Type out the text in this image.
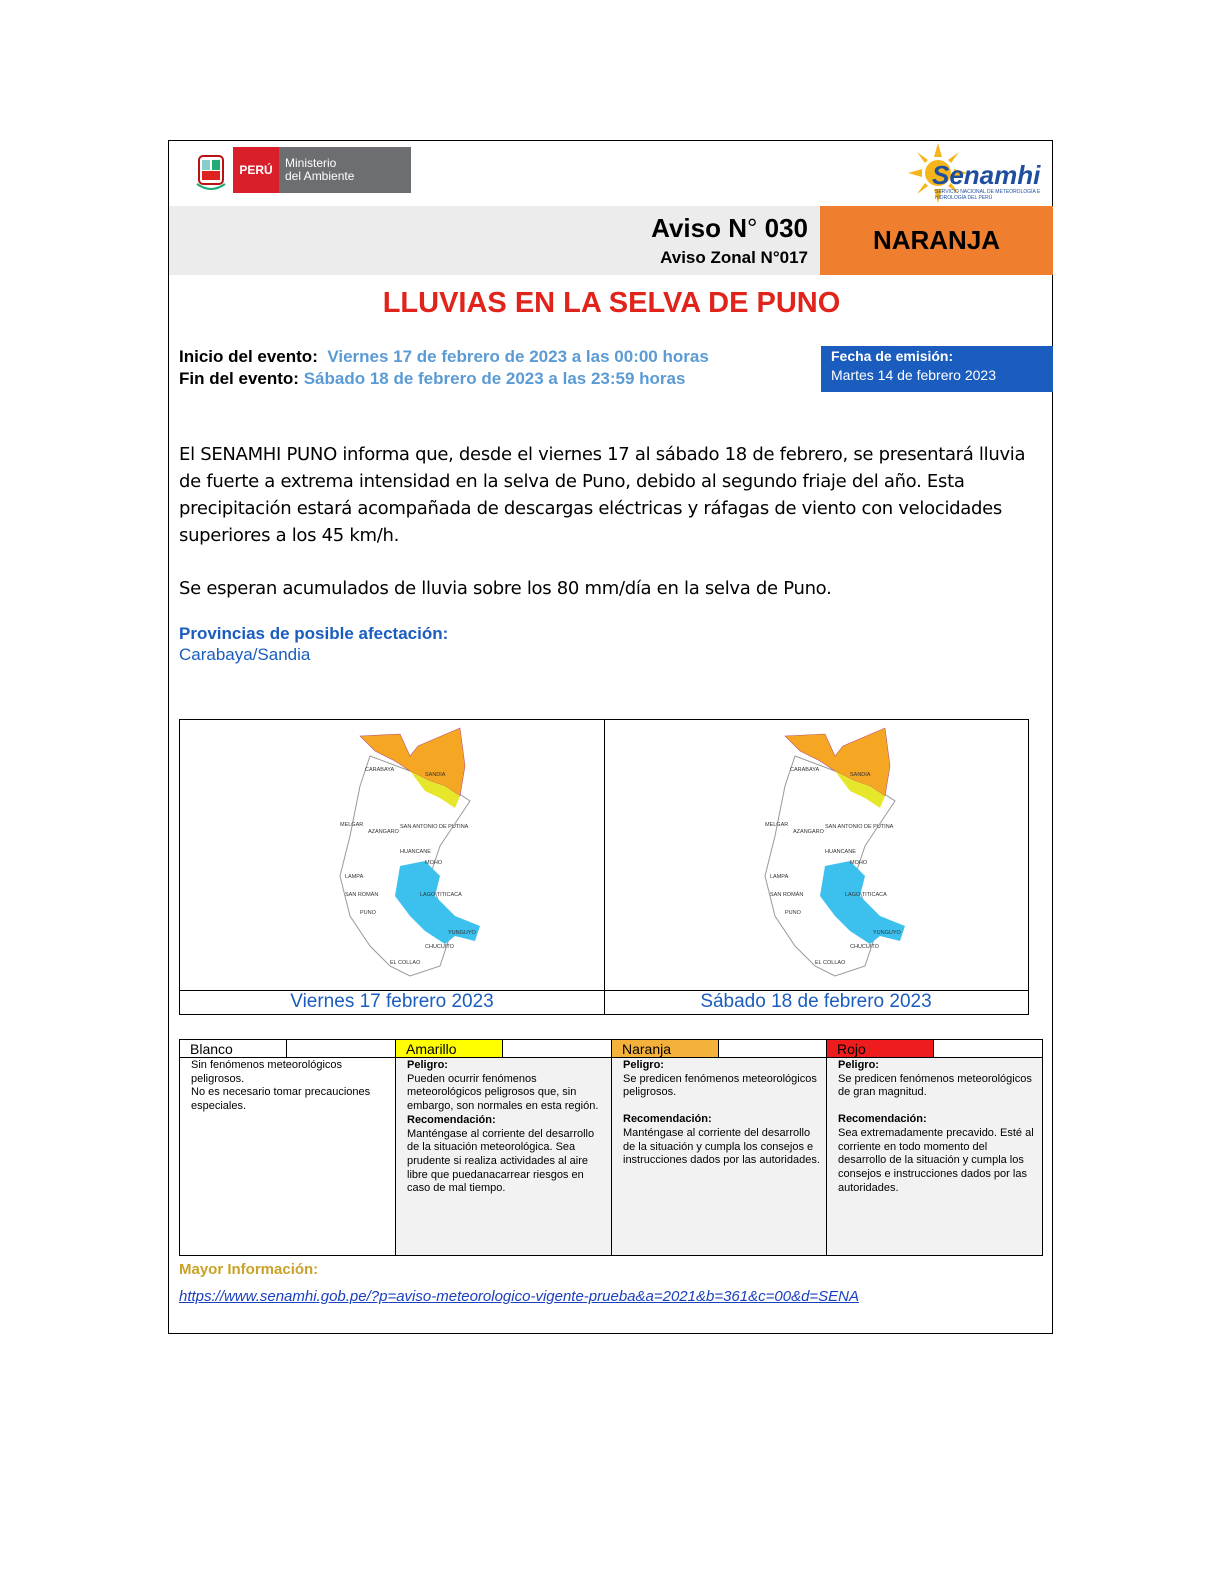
PERÚ	Ministerio
del Ambiente	Senamhi
SERVICIO NACIONAL DE METEOROLOGÍA E HIDROLOGÍA DEL PERÚ
Aviso N° 030
Aviso Zonal N°017
NARANJA
LLUVIAS EN LA SELVA DE PUNO
Inicio del evento: Viernes 17 de febrero de 2023 a las 00:00 horas
Fin del evento: Sábado 18 de febrero de 2023 a las 23:59 horas
Fecha de emisión:
Martes 14 de febrero 2023
El SENAMHI PUNO informa que, desde el viernes 17 al sábado 18 de febrero, se presentará lluvia de fuerte a extrema intensidad en la selva de Puno, debido al segundo friaje del año. Esta precipitación estará acompañada de descargas eléctricas y ráfagas de viento con velocidades superiores a los 45 km/h.
Se esperan acumulados de lluvia sobre los 80 mm/día en la selva de Puno.
Provincias de posible afectación:
Carabaya/Sandia
CARABAYA
SANDIA
MELGAR
AZANGARO
SAN ANTONIO DE PUTINA
HUANCANE
MOHO
LAMPA
SAN ROMÁN	LAGO TITICACA
PUNO
YUNGUYO
CHUCUITO
EL COLLAO
CARABAYA
SANDIA
MELGAR
AZANGARO
SAN ANTONIO DE PUTINA
HUANCANE
MOHO
LAMPA
SAN ROMÁN	LAGO TITICACA
PUNO
YUNGUYO
CHUCUITO
EL COLLAO
Viernes 17 febrero 2023	Sábado 18 de febrero 2023
Blanco
Sin fenómenos meteorológicos peligrosos.
No es necesario tomar precauciones especiales.
Amarillo
Peligro:
Pueden ocurrir fenómenos meteorológicos peligrosos que, sin embargo, son normales en esta región.
Recomendación:
Manténgase al corriente del desarrollo de la situación meteorológica. Sea prudente si realiza actividades al aire libre que puedanacarrear riesgos en caso de mal tiempo.
Naranja
Peligro:
Se predicen fenómenos meteorológicos peligrosos.
Recomendación:
Manténgase al corriente del desarrollo de la situación y cumpla los consejos e instrucciones dados por las autoridades.
Rojo
Peligro:
Se predicen fenómenos meteorológicos de gran magnitud.
Recomendación:
Sea extremadamente precavido. Esté al corriente en todo momento del desarrollo de la situación y cumpla los consejos e instrucciones dados por las autoridades.
Mayor Información:
https://www.senamhi.gob.pe/?p=aviso-meteorologico-vigente-prueba&a=2021&b=361&c=00&d=SENA
